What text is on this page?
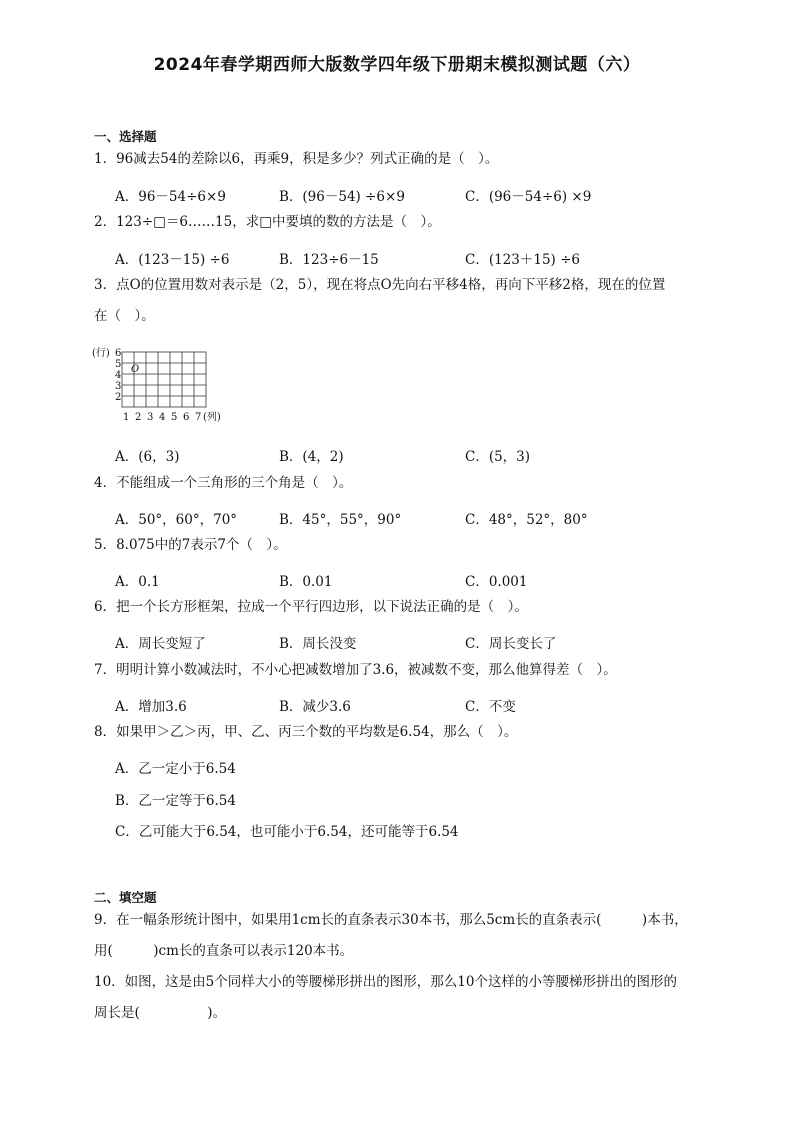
2024年春学期西师大版数学四年级下册期末模拟测试题（六）
一、选择题
1．96减去54的差除以6，再乘9，积是多少？列式正确的是（　）。
A．96－54÷6×9	B．(96－54) ÷6×9	C．(96－54÷6) ×9
2．123÷□＝6……15，求□中要填的数的方法是（　）。
A．(123－15) ÷6	B．123÷6－15	C．(123＋15) ÷6
3．点O的位置用数对表示是（2，5），现在将点O先向右平移4格，再向下平移2格，现在的位置
在（　）。
(行) 6
5
4
3
2
O
1 2 3 4 5 6 7 (列)
A．(6，3)	B．(4，2)	C．(5，3)
4．不能组成一个三角形的三个角是（　）。
A．50°，60°，70°	B．45°，55°，90°	C．48°，52°，80°
5．8.075中的7表示7个（　）。
A．0.1	B．0.01	C．0.001
6．把一个长方形框架，拉成一个平行四边形，以下说法正确的是（　）。
A．周长变短了	B．周长没变	C．周长变长了
7．明明计算小数减法时，不小心把减数增加了3.6，被减数不变，那么他算得差（　）。
A．增加3.6	B．减少3.6	C．不变
8．如果甲＞乙＞丙，甲、乙、丙三个数的平均数是6.54，那么（　）。
A．乙一定小于6.54
B．乙一定等于6.54
C．乙可能大于6.54，也可能小于6.54，还可能等于6.54
二、填空题
9．在一幅条形统计图中，如果用1cm长的直条表示30本书，那么5cm长的直条表示(　　　)本书，
用(　　　)cm长的直条可以表示120本书。
10．如图，这是由5个同样大小的等腰梯形拼出的图形，那么10个这样的小等腰梯形拼出的图形的
周长是(　　　　　)。
